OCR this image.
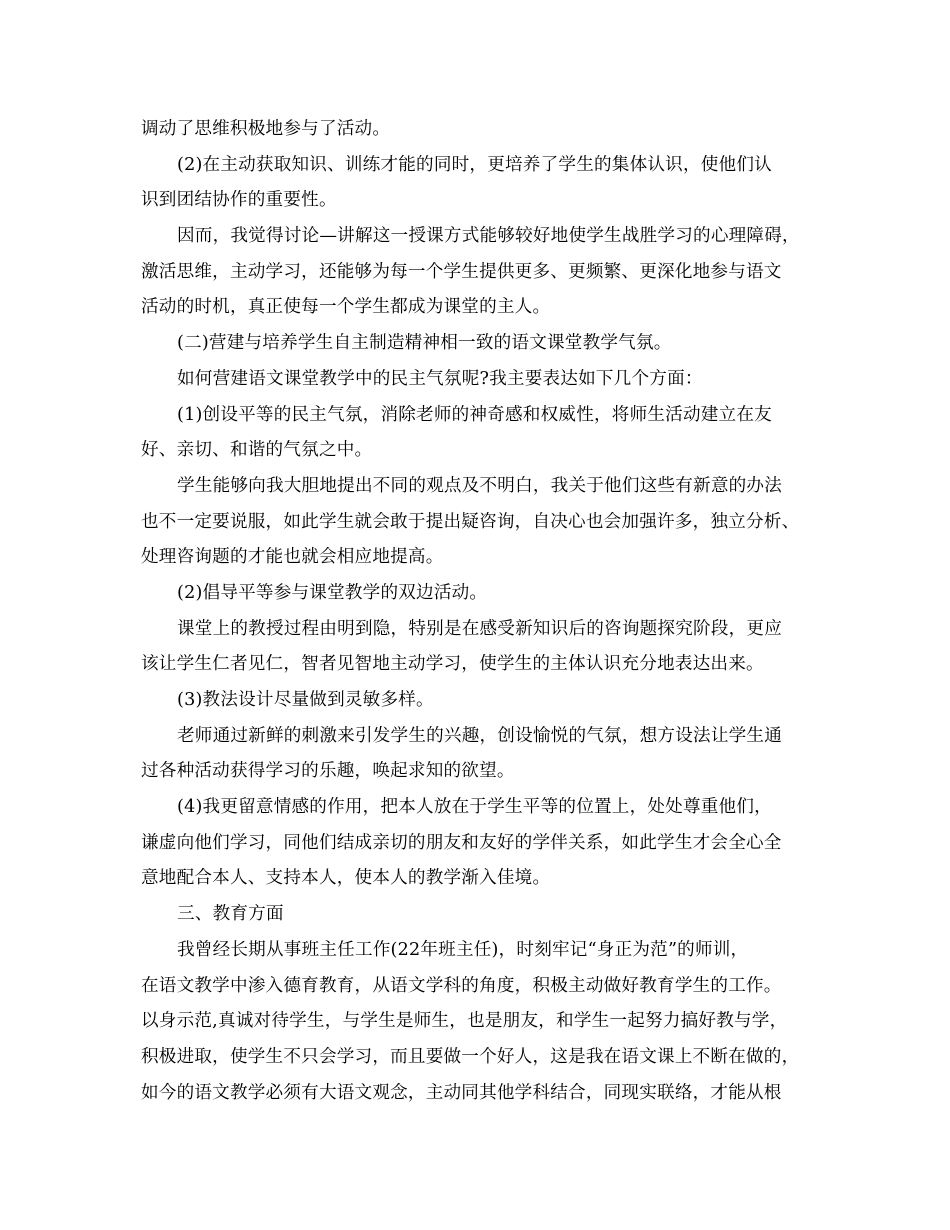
调动了思维积极地参与了活动。
(2)在主动获取知识、训练才能的同时，更培养了学生的集体认识，使他们认
识到团结协作的重要性。
因而，我觉得讨论—讲解这一授课方式能够较好地使学生战胜学习的心理障碍，
激活思维，主动学习，还能够为每一个学生提供更多、更频繁、更深化地参与语文
活动的时机，真正使每一个学生都成为课堂的主人。
(二)营建与培养学生自主制造精神相一致的语文课堂教学气氛。
如何营建语文课堂教学中的民主气氛呢?我主要表达如下几个方面：
(1)创设平等的民主气氛，消除老师的神奇感和权威性，将师生活动建立在友
好、亲切、和谐的气氛之中。
学生能够向我大胆地提出不同的观点及不明白，我关于他们这些有新意的办法
也不一定要说服，如此学生就会敢于提出疑咨询，自决心也会加强许多，独立分析、
处理咨询题的才能也就会相应地提高。
(2)倡导平等参与课堂教学的双边活动。
课堂上的教授过程由明到隐，特别是在感受新知识后的咨询题探究阶段，更应
该让学生仁者见仁，智者见智地主动学习，使学生的主体认识充分地表达出来。
(3)教法设计尽量做到灵敏多样。
老师通过新鲜的刺激来引发学生的兴趣，创设愉悦的气氛，想方设法让学生通
过各种活动获得学习的乐趣，唤起求知的欲望。
(4)我更留意情感的作用，把本人放在于学生平等的位置上，处处尊重他们，
谦虚向他们学习，同他们结成亲切的朋友和友好的学伴关系，如此学生才会全心全
意地配合本人、支持本人，使本人的教学渐入佳境。
三、教育方面
我曾经长期从事班主任工作(22年班主任)，时刻牢记“身正为范”的师训，
在语文教学中渗入德育教育，从语文学科的角度，积极主动做好教育学生的工作。
以身示范,真诚对待学生，与学生是师生，也是朋友，和学生一起努力搞好教与学，
积极进取，使学生不只会学习，而且要做一个好人，这是我在语文课上不断在做的，
如今的语文教学必须有大语文观念，主动同其他学科结合，同现实联络，才能从根
